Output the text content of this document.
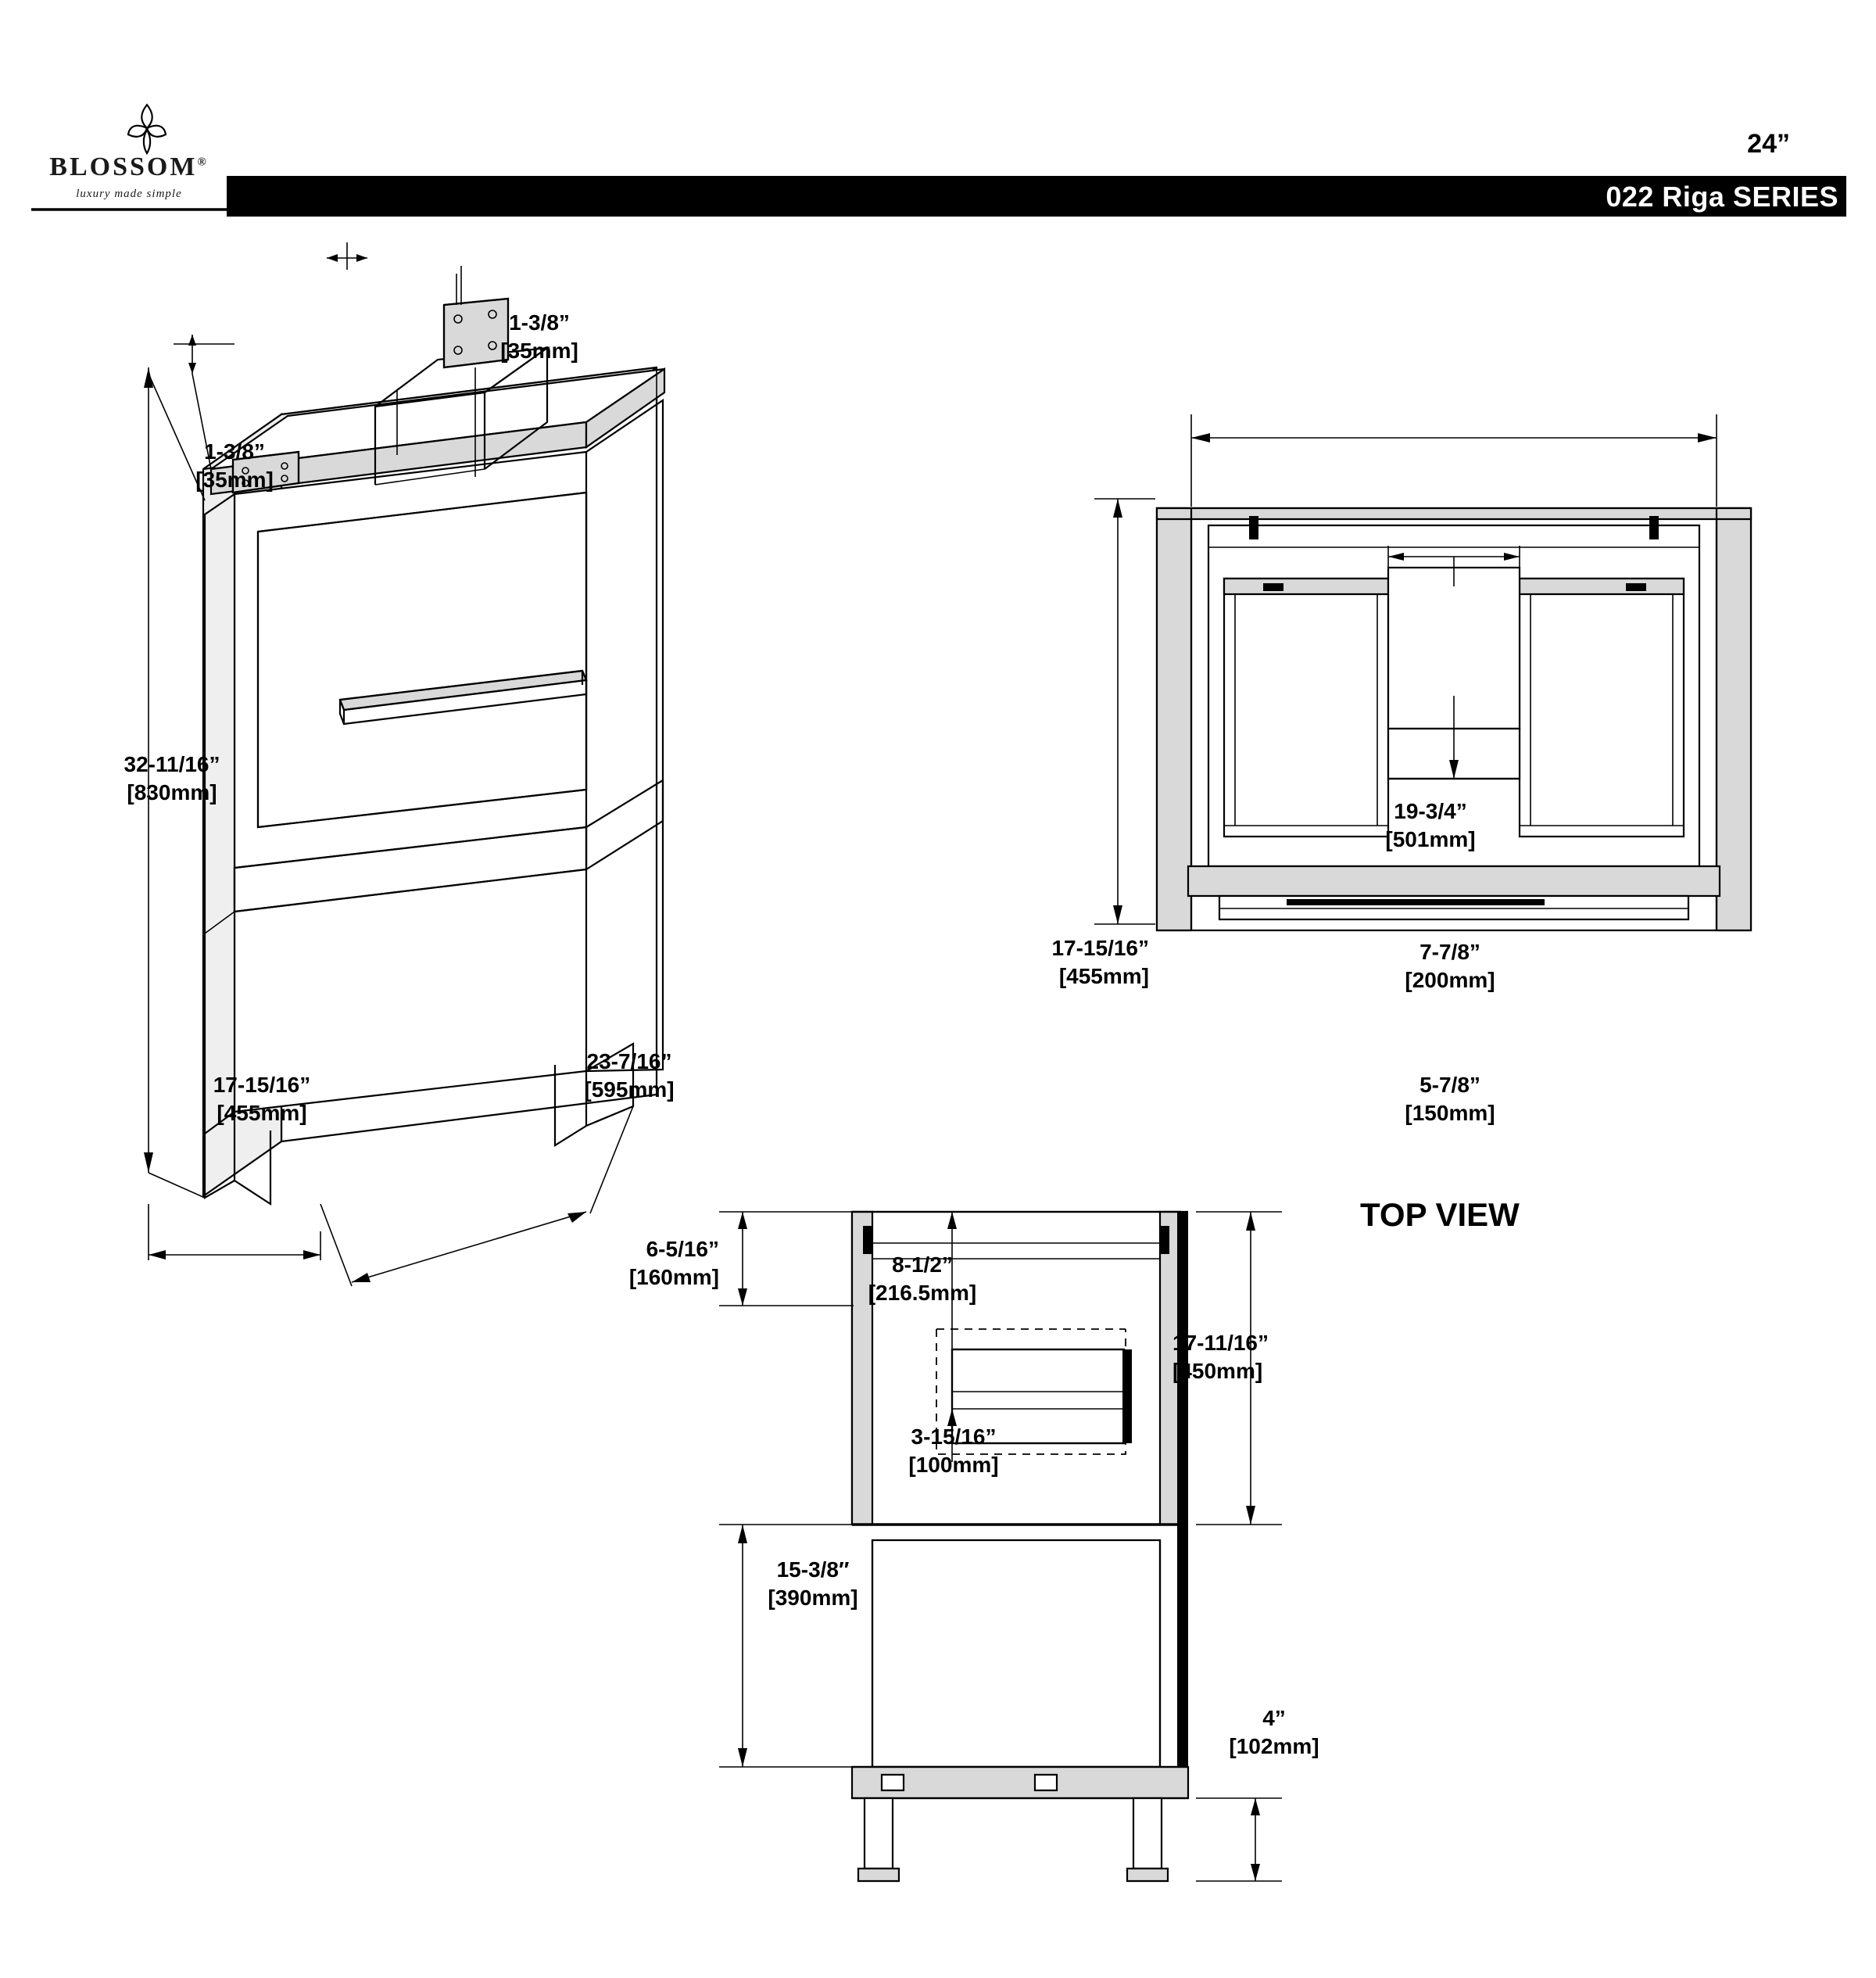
BLOSSOM®
luxury made simple
24”
022 Riga SERIES
1-3/8”
[35mm]
1-3/8”
[35mm]
32-11/16”
[830mm]
17-15/16”
[455mm]
23-7/16”
[595mm]
19-3/4”
[501mm]
17-15/16”
[455mm]
7-7/8”
[200mm]
5-7/8”
[150mm]
TOP VIEW
6-5/16”
[160mm]
8-1/2”
[216.5mm]
17-11/16”
[450mm]
3-15/16”
[100mm]
15-3/8″
[390mm]
4”
[102mm]
